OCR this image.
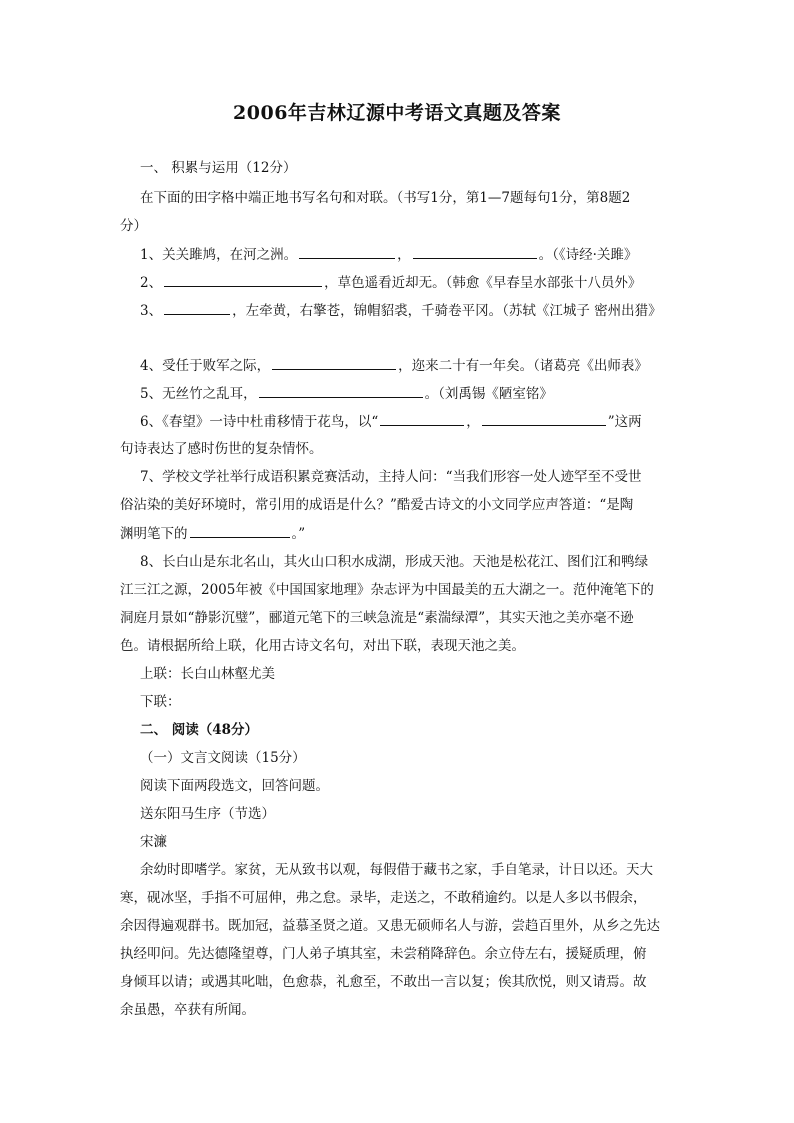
2006年吉林辽源中考语文真题及答案
一、 积累与运用（12分）
在下面的田字格中端正地书写名句和对联。（书写1分，第1—7题每句1分，第8题2
分）
1、关关雎鸠，在河之洲。	，	。（《诗经·关雎》
2、	，草色遥看近却无。（韩愈《早春呈水部张十八员外》
3、	，左牵黄，右擎苍，锦帽貂裘，千骑卷平冈。（苏轼《江城子 密州出猎》
4、受任于败军之际，	，迩来二十有一年矣。（诸葛亮《出师表》
5、无丝竹之乱耳，	。（刘禹锡《陋室铭》
6、《春望》一诗中杜甫移情于花鸟，以“	，	”这两
句诗表达了感时伤世的复杂情怀。
7、学校文学社举行成语积累竞赛活动，主持人问：“当我们形容一处人迹罕至不受世
俗沾染的美好环境时，常引用的成语是什么？”酷爱古诗文的小文同学应声答道：“是陶
渊明笔下的	。”
8、长白山是东北名山，其火山口积水成湖，形成天池。天池是松花江、图们江和鸭绿
江三江之源，2005年被《中国国家地理》杂志评为中国最美的五大湖之一。范仲淹笔下的
洞庭月景如“静影沉璧”，郦道元笔下的三峡急流是“素湍绿潭”，其实天池之美亦毫不逊
色。请根据所给上联，化用古诗文名句，对出下联，表现天池之美。
上联：长白山林壑尤美
下联：
二、 阅读（48分）
（一）文言文阅读（15分）
阅读下面两段选文，回答问题。
送东阳马生序（节选）
宋濂
余幼时即嗜学。家贫，无从致书以观，每假借于藏书之家，手自笔录，计日以还。天大
寒，砚冰坚，手指不可屈伸，弗之怠。录毕，走送之，不敢稍逾约。以是人多以书假余，
余因得遍观群书。既加冠，益慕圣贤之道。又患无硕师名人与游，尝趋百里外，从乡之先达
执经叩问。先达德隆望尊，门人弟子填其室，未尝稍降辞色。余立侍左右，援疑质理，俯
身倾耳以请；或遇其叱咄，色愈恭，礼愈至，不敢出一言以复；俟其欣悦，则又请焉。故
余虽愚，卒获有所闻。
